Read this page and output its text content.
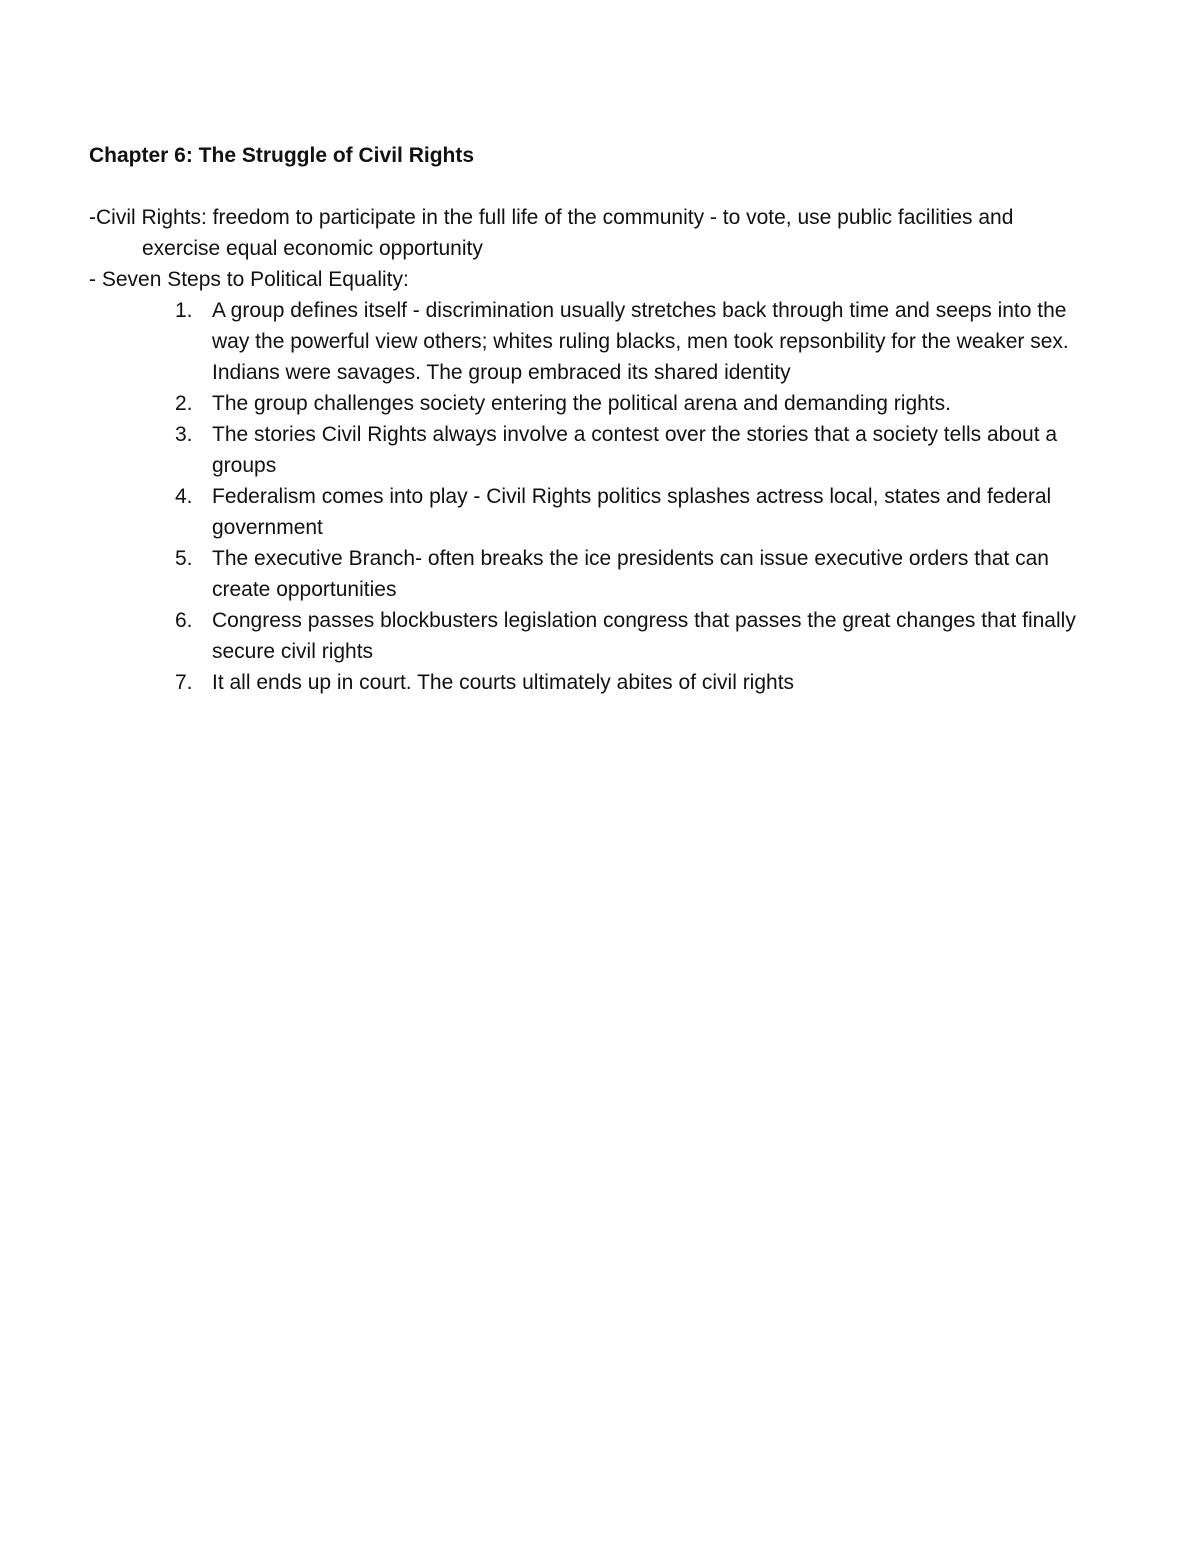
Chapter 6: The Struggle of Civil Rights

-Civil Rights: freedom to participate in the full life of the community - to vote, use public facilities and exercise equal economic opportunity

- Seven Steps to Political Equality:

1. A group defines itself - discrimination usually stretches back through time and seeps into the way the powerful view others; whites ruling blacks, men took repsonbility for the weaker sex. Indians were savages. The group embraced its shared identity
2. The group challenges society entering the political arena and demanding rights.
3. The stories Civil Rights always involve a contest over the stories that a society tells about a groups
4. Federalism comes into play - Civil Rights politics splashes actress local, states and federal government
5. The executive Branch- often breaks the ice presidents can issue executive orders that can create opportunities
6. Congress passes blockbusters legislation congress that passes the great changes that finally secure civil rights
7. It all ends up in court. The courts ultimately abites of civil rights
